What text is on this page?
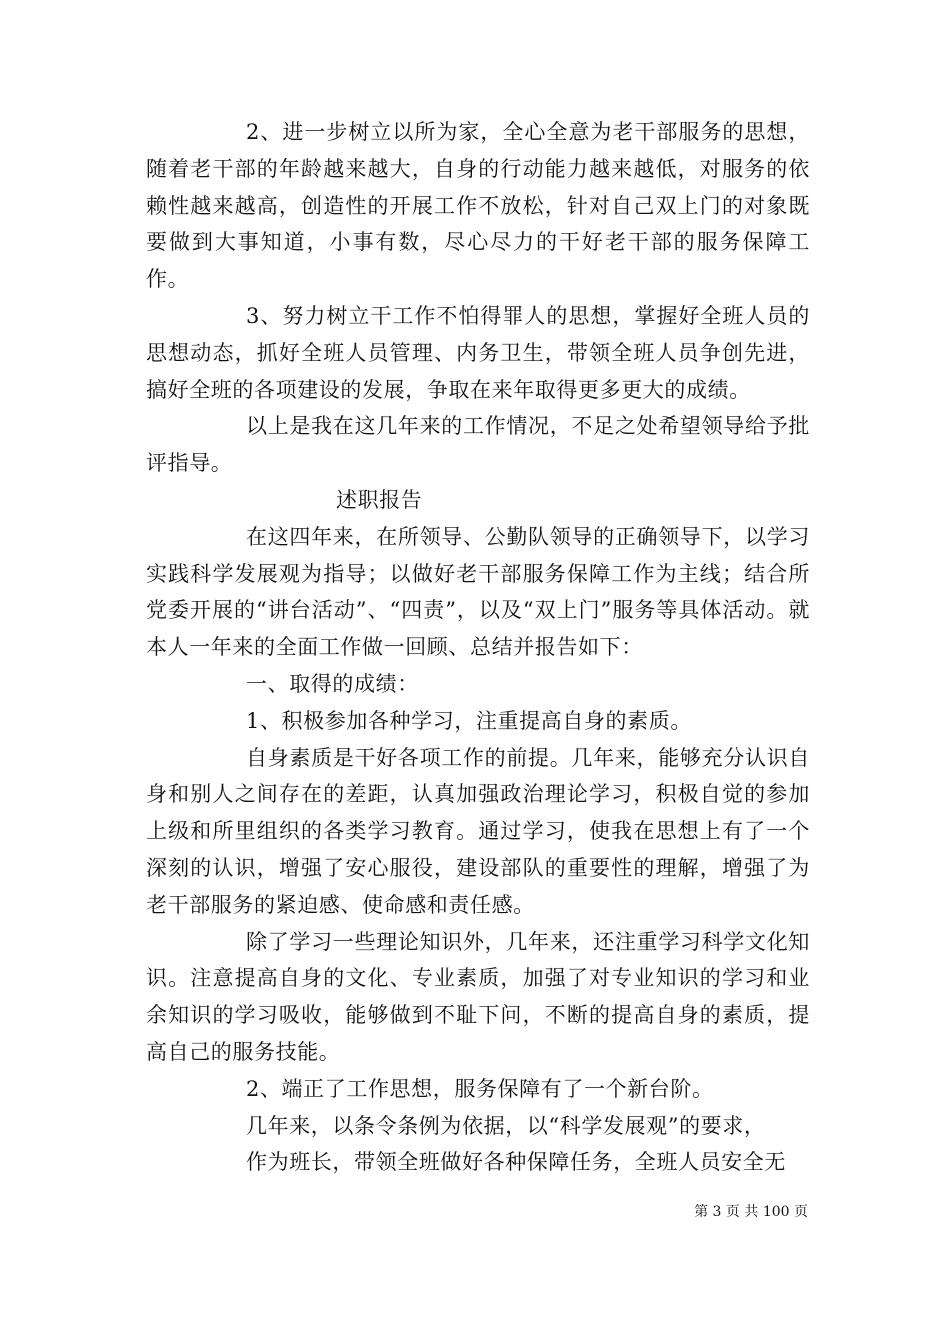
2、进一步树立以所为家，全心全意为老干部服务的思想，随着老干部的年龄越来越大，自身的行动能力越来越低，对服务的依赖性越来越高，创造性的开展工作不放松，针对自己双上门的对象既要做到大事知道，小事有数，尽心尽力的干好老干部的服务保障工作。

3、努力树立干工作不怕得罪人的思想，掌握好全班人员的思想动态，抓好全班人员管理、内务卫生，带领全班人员争创先进，搞好全班的各项建设的发展，争取在来年取得更多更大的成绩。

以上是我在这几年来的工作情况，不足之处希望领导给予批评指导。

述职报告

在这四年来，在所领导、公勤队领导的正确领导下，以学习实践科学发展观为指导；以做好老干部服务保障工作为主线；结合所党委开展的“讲台活动”、“四责”，以及“双上门”服务等具体活动。就本人一年来的全面工作做一回顾、总结并报告如下：

一、取得的成绩：

1、积极参加各种学习，注重提高自身的素质。

自身素质是干好各项工作的前提。几年来，能够充分认识自身和别人之间存在的差距，认真加强政治理论学习，积极自觉的参加上级和所里组织的各类学习教育。通过学习，使我在思想上有了一个深刻的认识，增强了安心服役，建设部队的重要性的理解，增强了为老干部服务的紧迫感、使命感和责任感。

除了学习一些理论知识外，几年来，还注重学习科学文化知识。注意提高自身的文化、专业素质，加强了对专业知识的学习和业余知识的学习吸收，能够做到不耻下问，不断的提高自身的素质，提高自己的服务技能。

2、端正了工作思想，服务保障有了一个新台阶。

几年来，以条令条例为依据，以“科学发展观”的要求，

作为班长，带领全班做好各种保障任务，全班人员安全无

第 3 页 共 100 页
